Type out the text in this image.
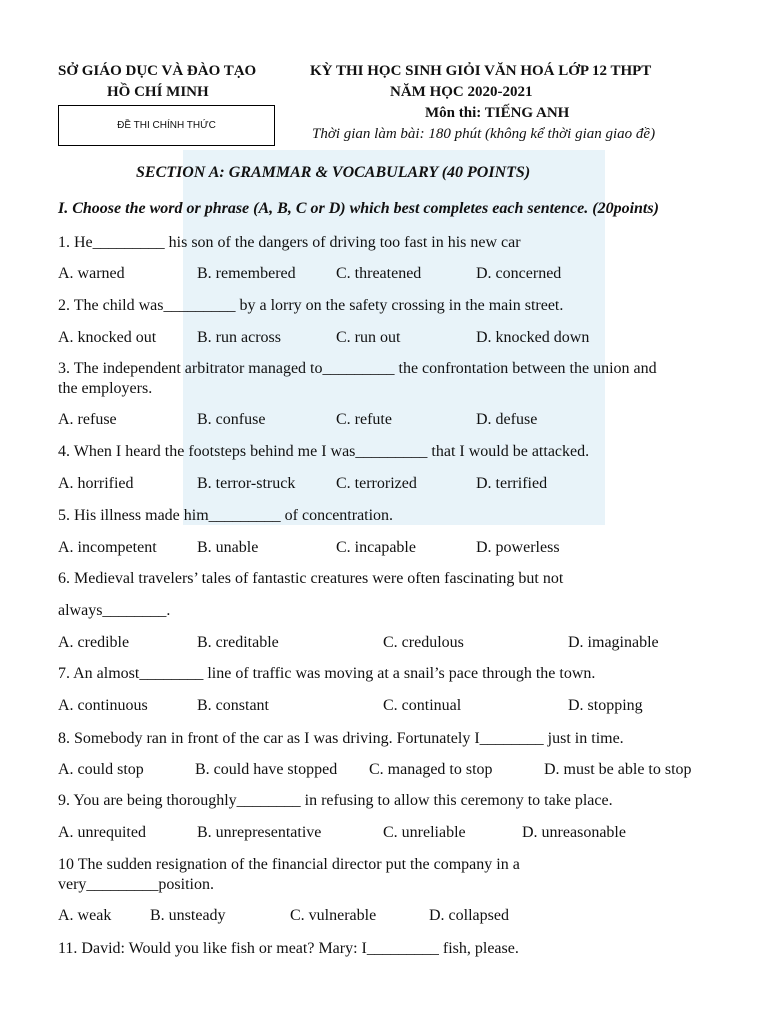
SỞ GIÁO DỤC VÀ ĐÀO TẠO
HỒ CHÍ MINH
ĐỀ THI CHÍNH THỨC
KỲ THI HỌC SINH GIỎI VĂN HOÁ LỚP 12 THPT
NĂM HỌC 2020-2021
Môn thi: TIẾNG ANH
Thời gian làm bài: 180 phút (không kể thời gian giao đề)
SECTION A: GRAMMAR & VOCABULARY (40 POINTS)
I. Choose the word or phrase (A, B, C or D) which best completes each sentence. (20points)
1. He_________ his son of the dangers of driving too fast in his new car
A. warned	B. remembered	C. threatened	D. concerned
2. The child was_________ by a lorry on the safety crossing in the main street.
A. knocked out	B. run across	C. run out	D. knocked down
3. The independent arbitrator managed to_________ the confrontation between the union and
the employers.
A. refuse	B. confuse	C. refute	D. defuse
4. When I heard the footsteps behind me I was_________ that I would be attacked.
A. horrified	B. terror-struck	C. terrorized	D. terrified
5. His illness made him_________ of concentration.
A. incompetent	B. unable	C. incapable	D. powerless
6. Medieval travelers’ tales of fantastic creatures were often fascinating but not
always________.
A. credible	B. creditable	C. credulous	D. imaginable
7. An almost________ line of traffic was moving at a snail’s pace through the town.
A. continuous	B. constant	C. continual	D. stopping
8. Somebody ran in front of the car as I was driving. Fortunately I________ just in time.
A. could stop	B. could have stopped C. managed to stop	D. must be able to stop
9. You are being thoroughly________ in refusing to allow this ceremony to take place.
A. unrequited	B. unrepresentative	C. unreliable	D. unreasonable
10 The sudden resignation of the financial director put the company in a
very_________position.
A. weak B. unsteady	C. vulnerable	D. collapsed
11. David: Would you like fish or meat? Mary: I_________ fish, please.
